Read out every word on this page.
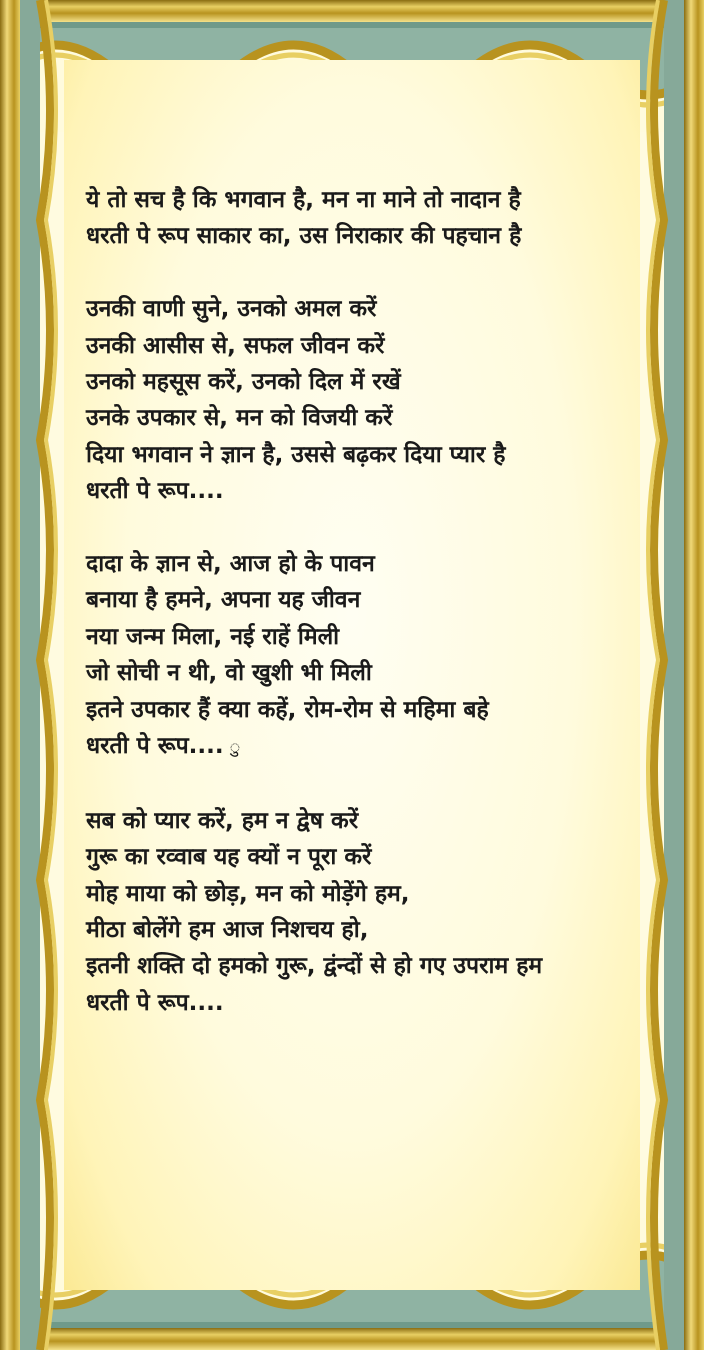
ये तो सच है कि भगवान है, मन ना माने तो नादान है
धरती पे रूप साकार का, उस निराकार की पहचान है
उनकी वाणी सुने, उनको अमल करें
उनकी आसीस से, सफल जीवन करें
उनको महसूस करें, उनको दिल में रखें
उनके उपकार से, मन को विजयी करें
दिया भगवान ने ज्ञान है, उससे बढ़कर दिया प्यार है
धरती पे रूप....
दादा के ज्ञान से, आज हो के पावन
बनाया है हमने, अपना यह जीवन
नया जन्म मिला, नई राहें मिली
जो सोची न थी, वो खुशी भी मिली
इतने उपकार हैं क्या कहें, रोम-रोम से महिमा बहे
धरती पे रूप.... ु
सब को प्यार करें, हम न द्वेष करें
गुरू का रव्वाब यह क्यों न पूरा करें
मोह माया को छोड़, मन को मोड़ेंगे हम,
मीठा बोलेंगे हम आज निशचय हो,
इतनी शक्ति दो हमको गुरू, द्वंन्दों से हो गए उपराम हम
धरती पे रूप....
